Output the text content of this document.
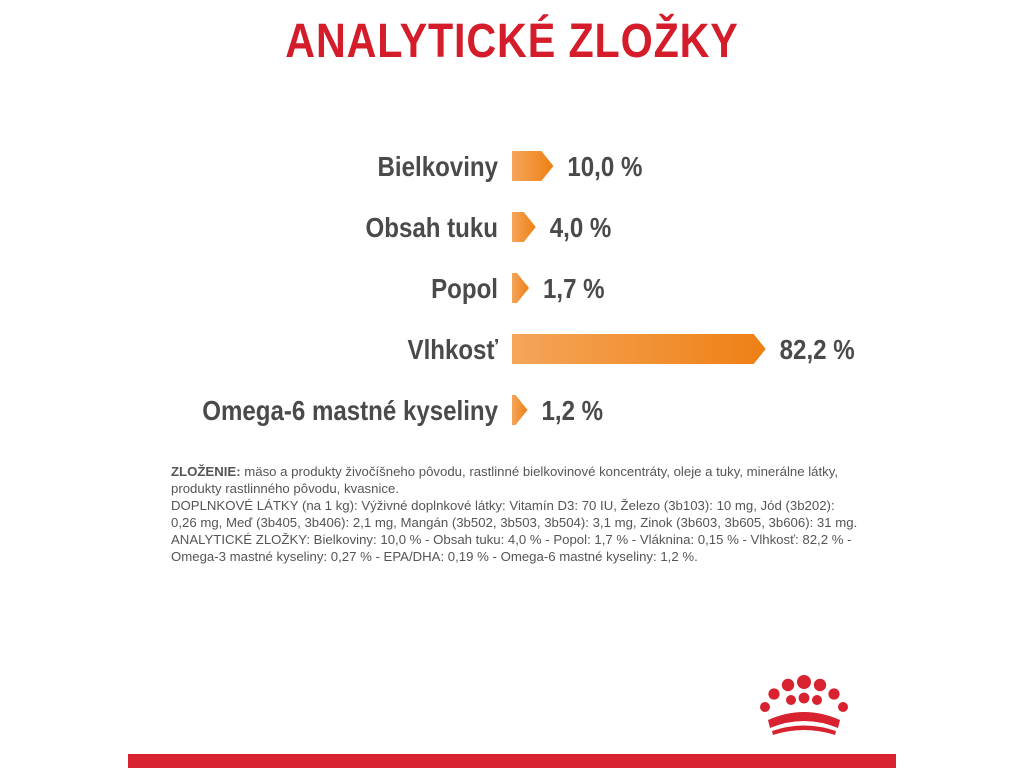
ANALYTICKÉ ZLOŽKY
Bielkoviny 10,0 %
Obsah tuku 4,0 %
Popol 1,7 %
Vlhkosť	82,2 %
Omega-6 mastné kyseliny 1,2 %

ZLOŽENIE: mäso a produkty živočíšneho pôvodu, rastlinné bielkovinové koncentráty, oleje a tuky, minerálne látky, produkty rastlinného pôvodu, kvasnice.

DOPLNKOVÉ LÁTKY (na 1 kg): Výživné doplnkové látky: Vitamín D3: 70 IU, Železo (3b103): 10 mg, Jód (3b202): 0,26 mg, Meď (3b405, 3b406): 2,1 mg, Mangán (3b502, 3b503, 3b504): 3,1 mg, Zinok (3b603, 3b605, 3b606): 31 mg.

ANALYTICKÉ ZLOŽKY: Bielkoviny: 10,0 % - Obsah tuku: 4,0 % - Popol: 1,7 % - Vláknina: 0,15 % - Vlhkosť: 82,2 % - Omega-3 mastné kyseliny: 0,27 % - EPA/DHA: 0,19 % - Omega-6 mastné kyseliny: 1,2 %.
